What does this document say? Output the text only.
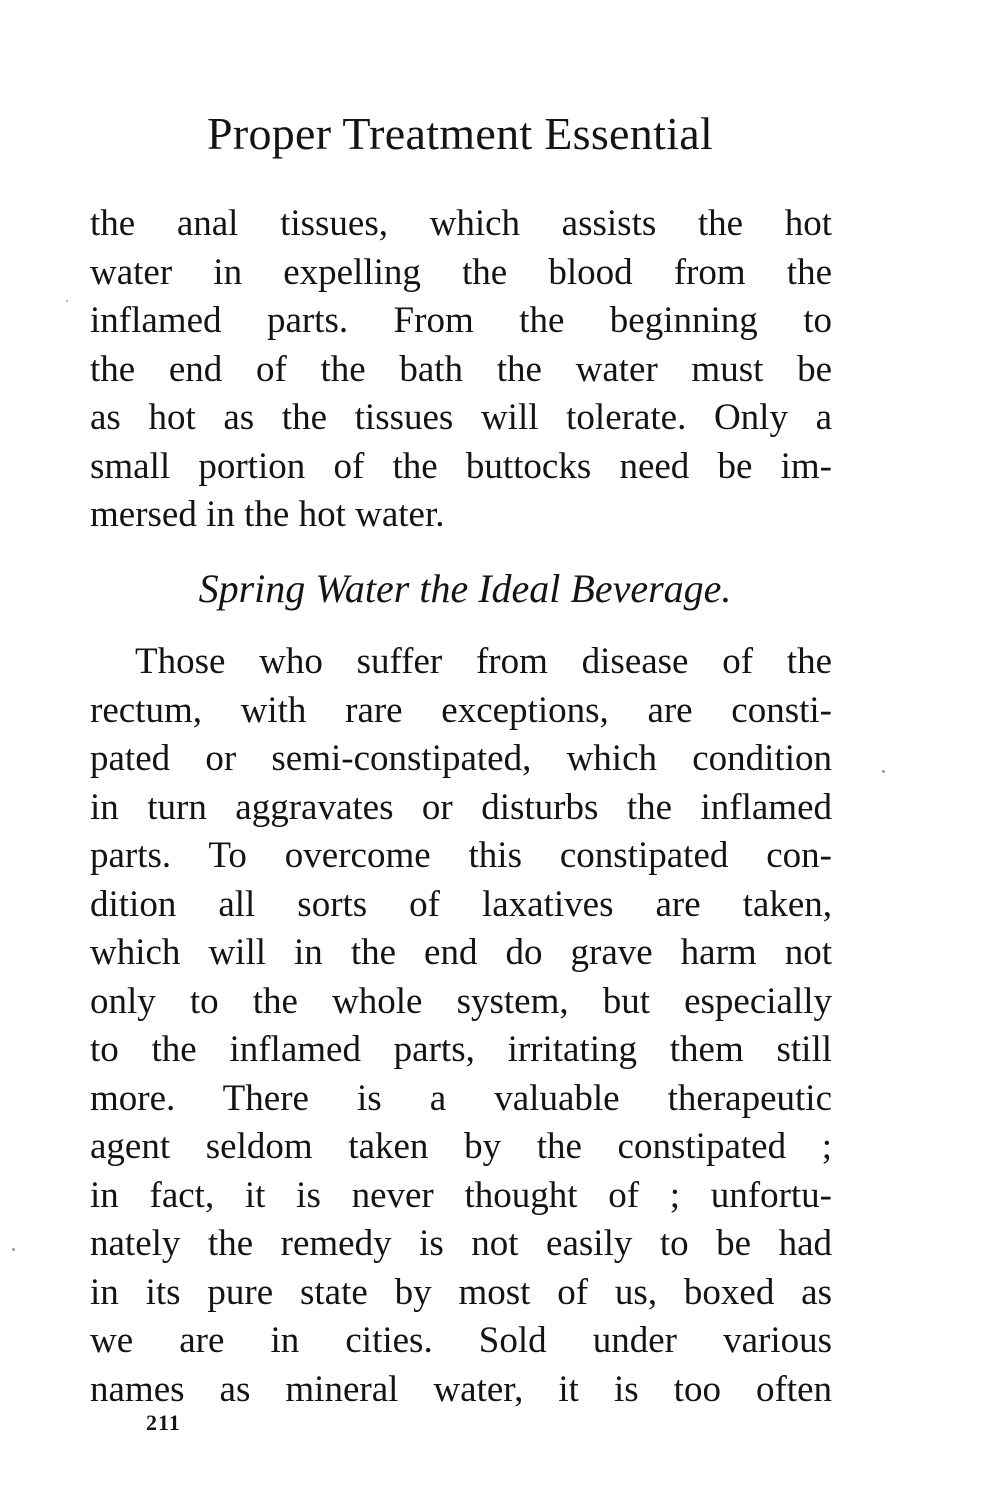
Proper Treatment Essential
the anal tissues, which assists the hot
water in expelling the blood from the
inflamed parts. From the beginning to
the end of the bath the water must be
as hot as the tissues will tolerate. Only a
small portion of the buttocks need be im-
mersed in the hot water.
Spring Water the Ideal Beverage.
Those who suffer from disease of the
rectum, with rare exceptions, are consti-
pated or semi-constipated, which condition
in turn aggravates or disturbs the inflamed
parts. To overcome this constipated con-
dition all sorts of laxatives are taken,
which will in the end do grave harm not
only to the whole system, but especially
to the inflamed parts, irritating them still
more. There is a valuable therapeutic
agent seldom taken by the constipated ;
in fact, it is never thought of ; unfortu-
nately the remedy is not easily to be had
in its pure state by most of us, boxed as
we are in cities. Sold under various
names as mineral water, it is too often
211
